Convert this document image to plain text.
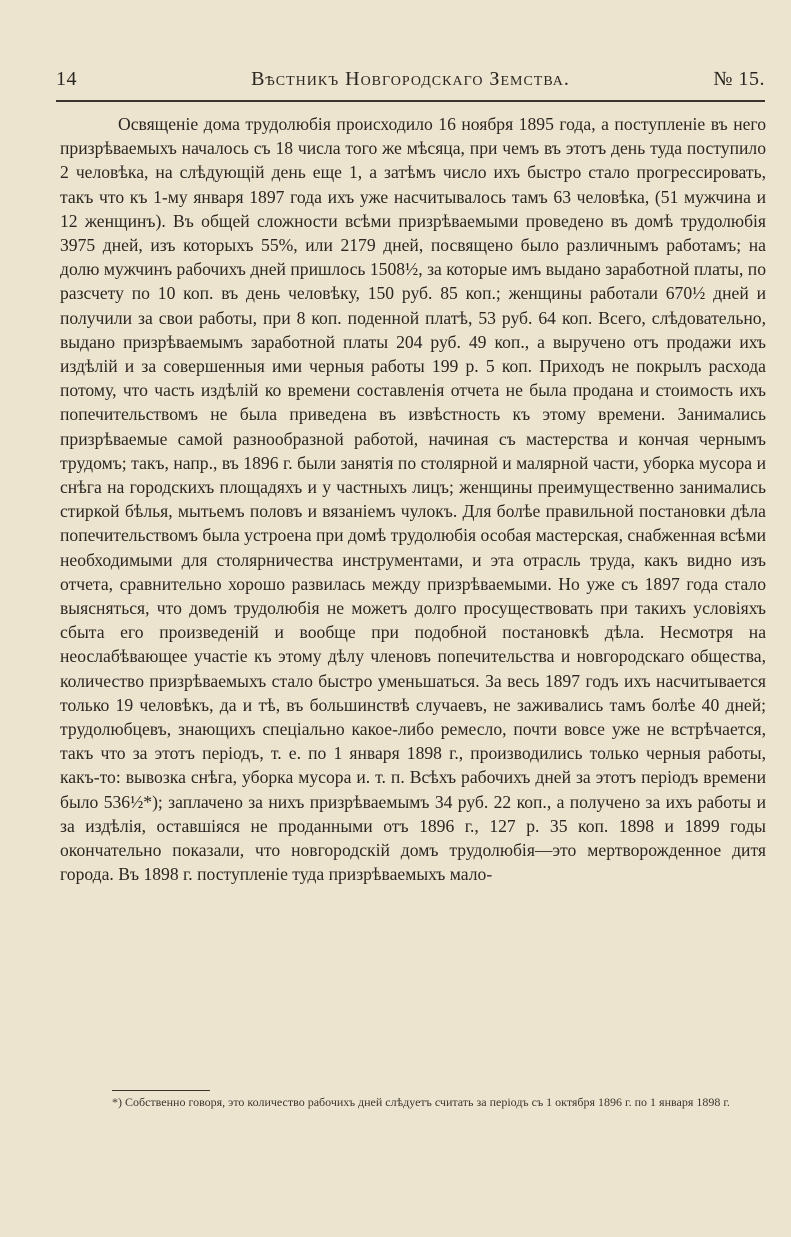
14	Вѣстникъ Новгородскаго Земства.	№ 15.

Освященіе дома трудолюбія происходило 16 ноября 1895 года, а поступленіе въ него призрѣваемыхъ началось съ 18 числа того же мѣсяца, при чемъ въ этотъ день туда поступило 2 человѣка, на слѣдующій день еще 1, а затѣмъ число ихъ быстро стало прогрессировать, такъ что къ 1-му января 1897 года ихъ уже насчитывалось тамъ 63 человѣка, (51 мужчина и 12 женщинъ). Въ общей сложности всѣми призрѣваемыми проведено въ домѣ трудолюбія 3975 дней, изъ которыхъ 55%, или 2179 дней, посвящено было различнымъ работамъ; на долю мужчинъ рабочихъ дней пришлось 1508½, за которые имъ выдано заработной платы, по разсчету по 10 коп. въ день человѣку, 150 руб. 85 коп.; женщины работали 670½ дней и получили за свои работы, при 8 коп. поденной платѣ, 53 руб. 64 коп. Всего, слѣдовательно, выдано призрѣваемымъ заработной платы 204 руб. 49 коп., а выручено отъ продажи ихъ издѣлій и за совершенныя ими черныя работы 199 р. 5 коп. Приходъ не покрылъ расхода потому, что часть издѣлій ко времени составленія отчета не была продана и стоимость ихъ попечительствомъ не была приведена въ извѣстность къ этому времени. Занимались призрѣваемые самой разнообразной работой, начиная съ мастерства и кончая чернымъ трудомъ; такъ, напр., въ 1896 г. были занятія по столярной и малярной части, уборка мусора и снѣга на городскихъ площадяхъ и у частныхъ лицъ; женщины преимущественно занимались стиркой бѣлья, мытьемъ половъ и вязаніемъ чулокъ. Для болѣе правильной постановки дѣла попечительствомъ была устроена при домѣ трудолюбія особая мастерская, снабженная всѣми необходимыми для столярничества инструментами, и эта отрасль труда, какъ видно изъ отчета, сравнительно хорошо развилась между призрѣваемыми. Но уже съ 1897 года стало выясняться, что домъ трудолюбія не можетъ долго просуществовать при такихъ условіяхъ сбыта его произведеній и вообще при подобной постановкѣ дѣла. Несмотря на неослабѣвающее участіе къ этому дѣлу членовъ попечительства и новгородскаго общества, количество призрѣваемыхъ стало быстро уменьшаться. За весь 1897 годъ ихъ насчитывается только 19 человѣкъ, да и тѣ, въ большинствѣ случаевъ, не заживались тамъ болѣе 40 дней; трудолюбцевъ, знающихъ спеціально какое-либо ремесло, почти вовсе уже не встрѣчается, такъ что за этотъ періодъ, т. е. по 1 января 1898 г., производились только черныя работы, какъ-то: вывозка снѣга, уборка мусора и. т. п. Всѣхъ рабочихъ дней за этотъ періодъ времени было 536½*); заплачено за нихъ призрѣваемымъ 34 руб. 22 коп., а получено за ихъ работы и за издѣлія, оставшіяся не проданными отъ 1896 г., 127 р. 35 коп. 1898 и 1899 годы окончательно показали, что новгородскій домъ трудолюбія—это мертворожденное дитя города. Въ 1898 г. поступленіе туда призрѣваемыхъ мало-

*) Собственно говоря, это количество рабочихъ дней слѣдуетъ считать за періодъ съ 1 октября 1896 г. по 1 января 1898 г.
